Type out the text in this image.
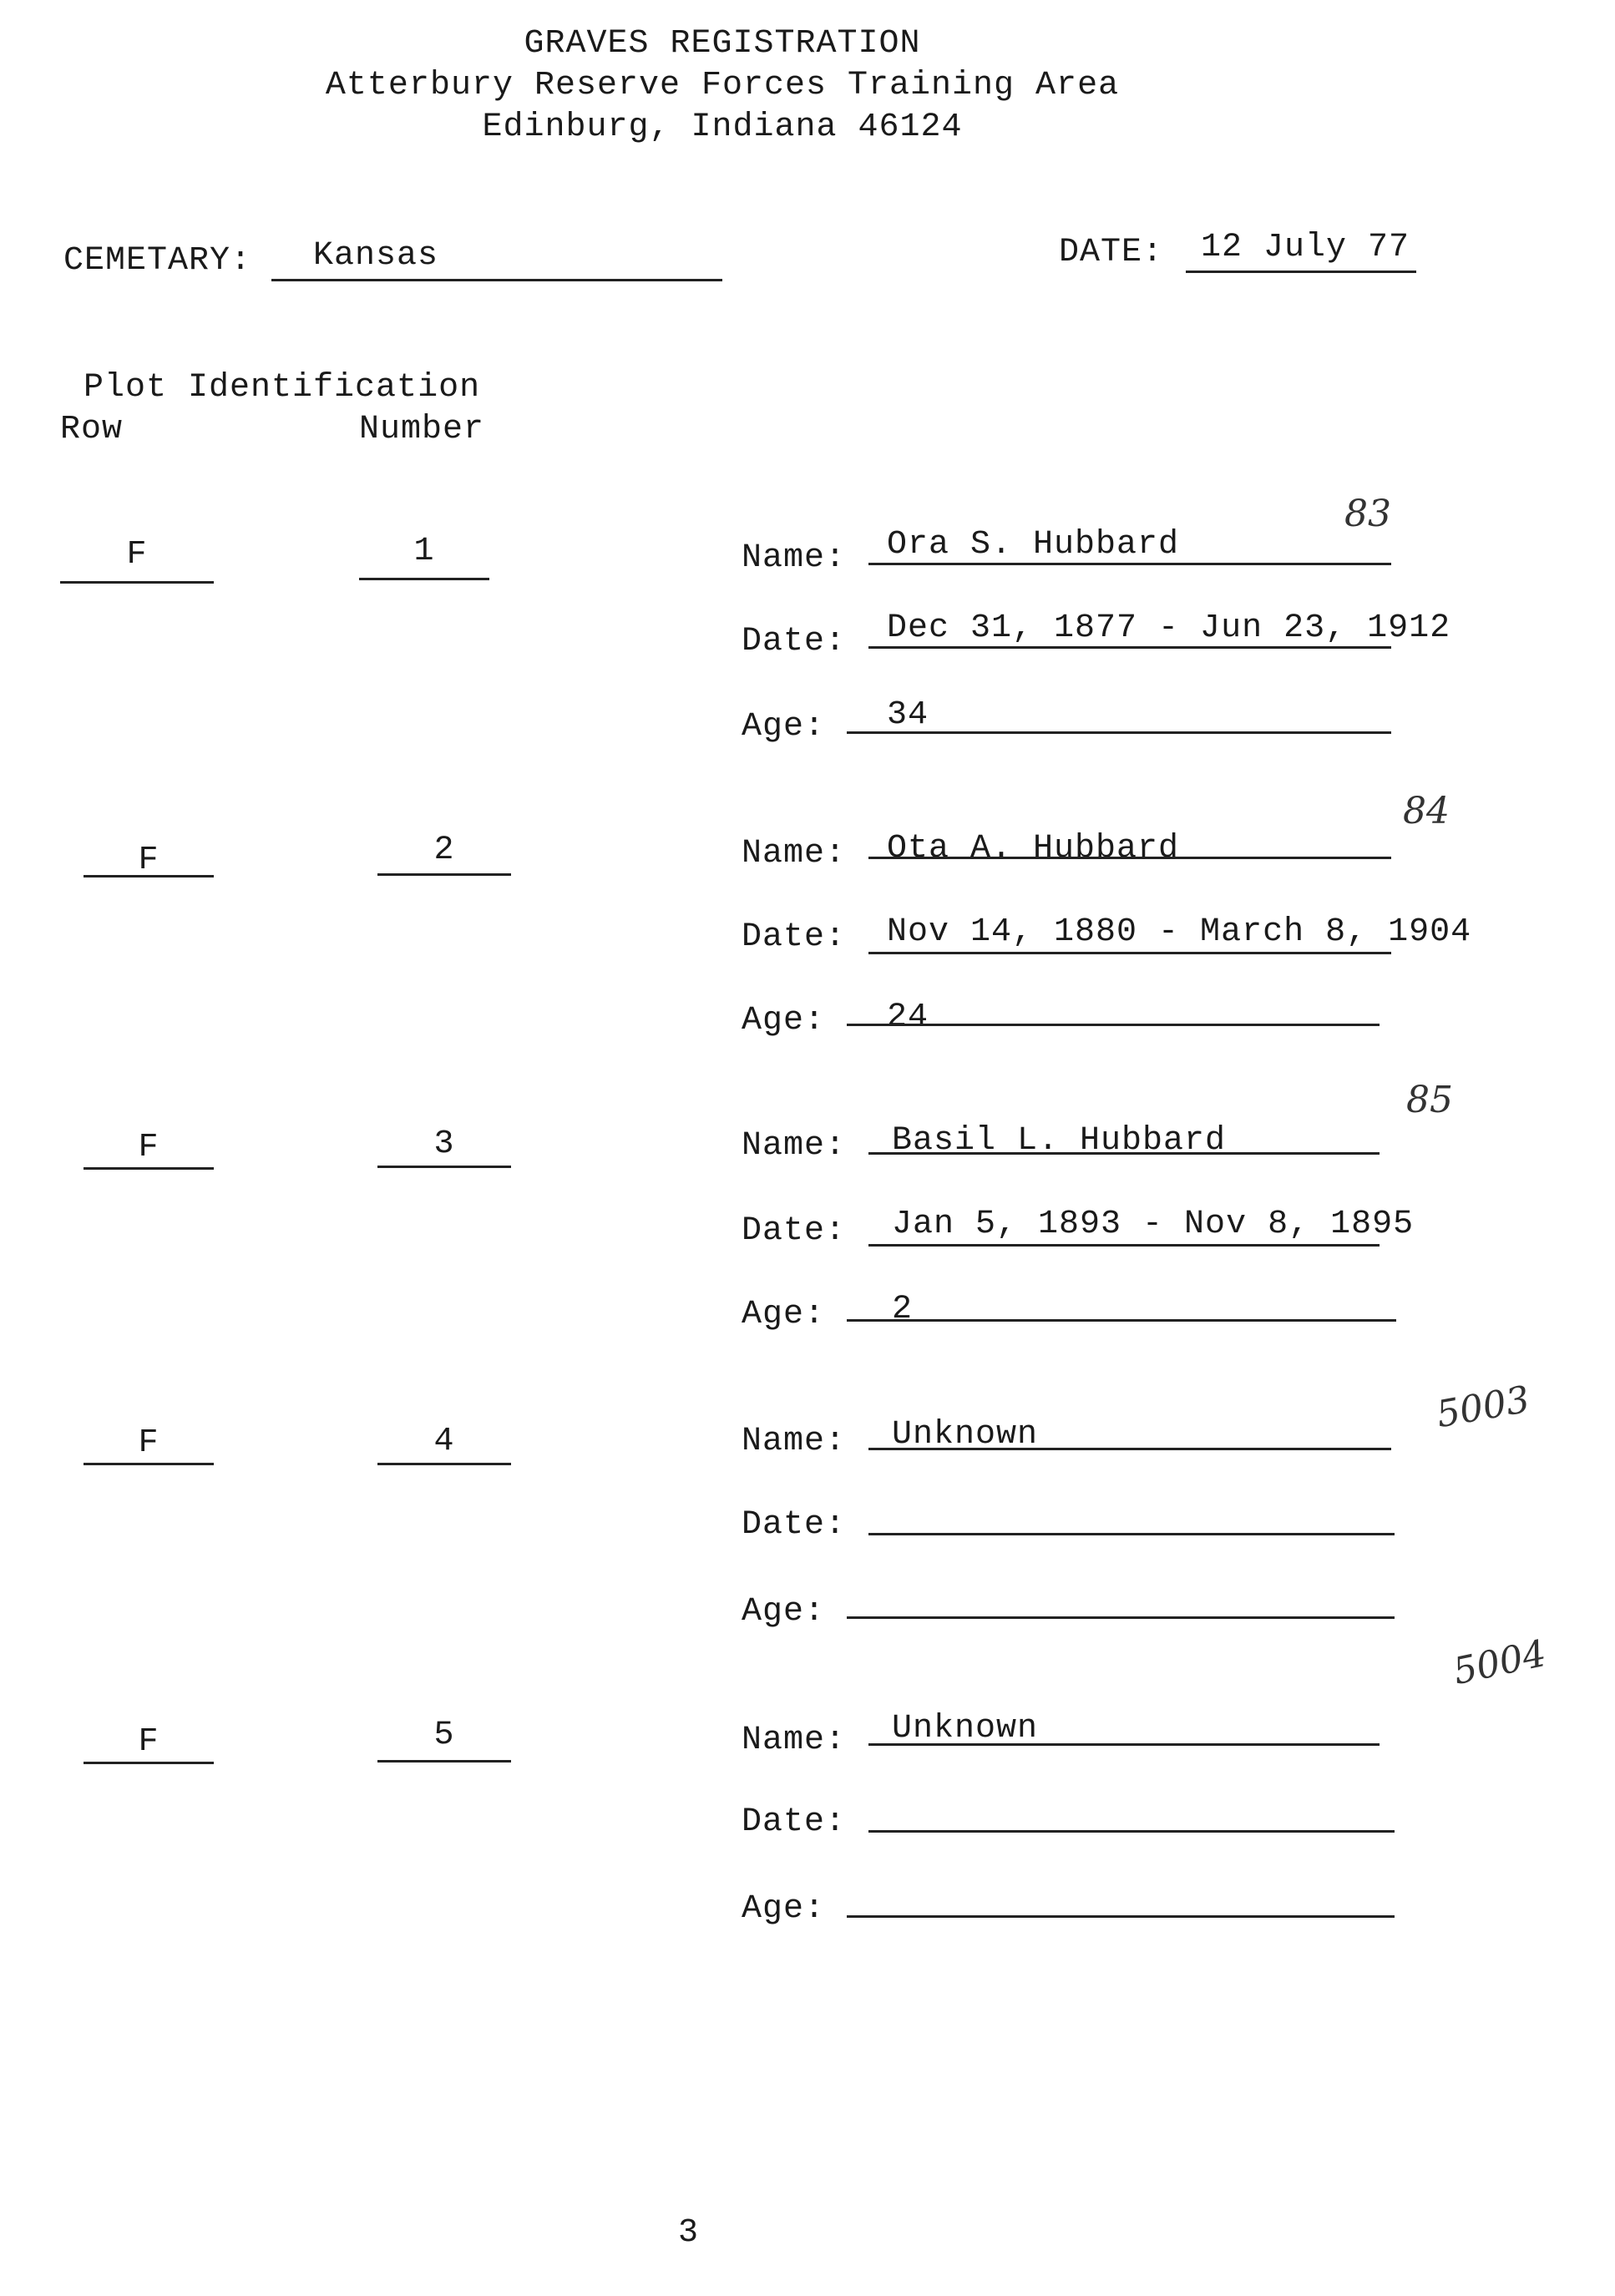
GRAVES REGISTRATION
Atterbury Reserve Forces Training Area
Edinburg, Indiana 46124
CEMETARY: Kansas	DATE: 12 July 77
Plot Identification
Row	Number
F	1	Name: Ora S. Hubbard
83
Date: Dec 31, 1877 - Jun 23, 1912
Age: 34
F	2	Name: Ota A. Hubbard
84
Date: Nov 14, 1880 - March 8, 1904
Age: 24
F	3	Name: Basil L. Hubbard
85
Date: Jan 5, 1893 - Nov 8, 1895
Age: 2
F	4	Name: Unknown	5003
Date:
Age:
F	5	Name: Unknown
5004
Date:
Age:
3
